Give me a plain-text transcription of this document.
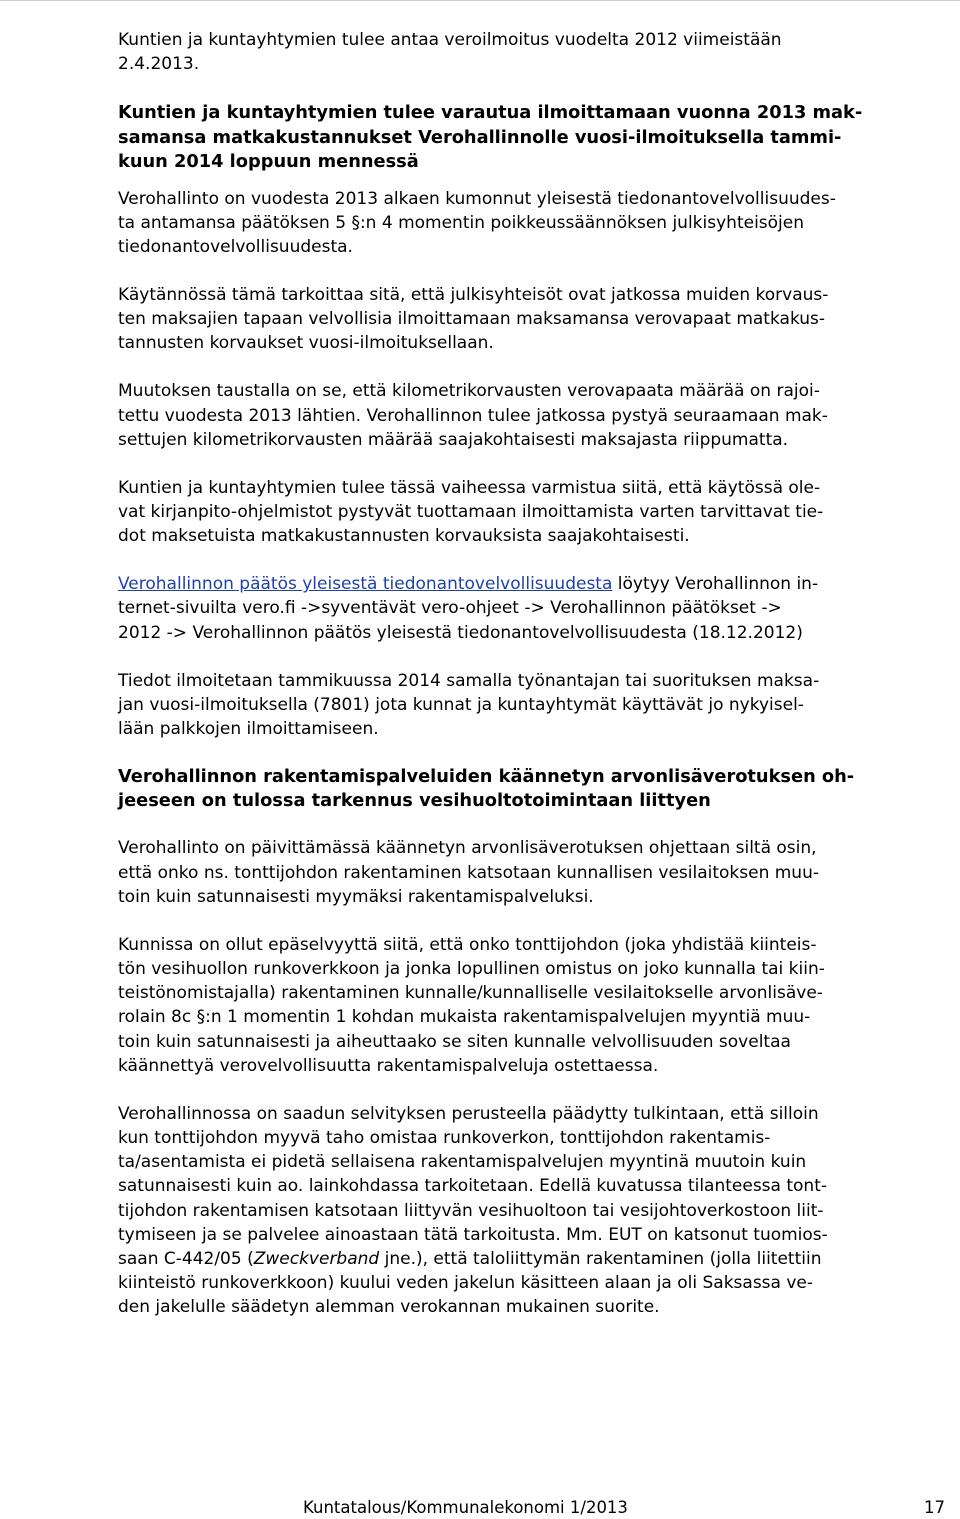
Kuntien ja kuntayhtymien tulee antaa veroilmoitus vuodelta 2012 viimeistään
2.4.2013.

Kuntien ja kuntayhtymien tulee varautua ilmoittamaan vuonna 2013 mak-
samansa matkakustannukset Verohallinnolle vuosi-ilmoituksella tammi-
kuun 2014 loppuun mennessä

Verohallinto on vuodesta 2013 alkaen kumonnut yleisestä tiedonantovelvollisuudes-
ta antamansa päätöksen 5 §:n 4 momentin poikkeussäännöksen julkisyhteisöjen
tiedonantovelvollisuudesta.

Käytännössä tämä tarkoittaa sitä, että julkisyhteisöt ovat jatkossa muiden korvaus-
ten maksajien tapaan velvollisia ilmoittamaan maksamansa verovapaat matkakus-
tannusten korvaukset vuosi-ilmoituksellaan.

Muutoksen taustalla on se, että kilometrikorvausten verovapaata määrää on rajoi-
tettu vuodesta 2013 lähtien. Verohallinnon tulee jatkossa pystyä seuraamaan mak-
settujen kilometrikorvausten määrää saajakohtaisesti maksajasta riippumatta.

Kuntien ja kuntayhtymien tulee tässä vaiheessa varmistua siitä, että käytössä ole-
vat kirjanpito-ohjelmistot pystyvät tuottamaan ilmoittamista varten tarvittavat tie-
dot maksetuista matkakustannusten korvauksista saajakohtaisesti.

Verohallinnon päätös yleisestä tiedonantovelvollisuudesta löytyy Verohallinnon in-
ternet-sivuilta vero.fi ->syventävät vero-ohjeet -> Verohallinnon päätökset ->
2012 -> Verohallinnon päätös yleisestä tiedonantovelvollisuudesta (18.12.2012)

Tiedot ilmoitetaan tammikuussa 2014 samalla työnantajan tai suorituksen maksa-
jan vuosi-ilmoituksella (7801) jota kunnat ja kuntayhtymät käyttävät jo nykyisel-
lään palkkojen ilmoittamiseen.

Verohallinnon rakentamispalveluiden käännetyn arvonlisäverotuksen oh-
jeeseen on tulossa tarkennus vesihuoltotoimintaan liittyen

Verohallinto on päivittämässä käännetyn arvonlisäverotuksen ohjettaan siltä osin,
että onko ns. tonttijohdon rakentaminen katsotaan kunnallisen vesilaitoksen muu-
toin kuin satunnaisesti myymäksi rakentamispalveluksi.

Kunnissa on ollut epäselvyyttä siitä, että onko tonttijohdon (joka yhdistää kiinteis-
tön vesihuollon runkoverkkoon ja jonka lopullinen omistus on joko kunnalla tai kiin-
teistönomistajalla) rakentaminen kunnalle/kunnalliselle vesilaitokselle arvonlisäve-
rolain 8c §:n 1 momentin 1 kohdan mukaista rakentamispalvelujen myyntiä muu-
toin kuin satunnaisesti ja aiheuttaako se siten kunnalle velvollisuuden soveltaa
käännettyä verovelvollisuutta rakentamispalveluja ostettaessa.

Verohallinnossa on saadun selvityksen perusteella päädytty tulkintaan, että silloin
kun tonttijohdon myyvä taho omistaa runkoverkon, tonttijohdon rakentamis-
ta/asentamista ei pidetä sellaisena rakentamispalvelujen myyntinä muutoin kuin
satunnaisesti kuin ao. lainkohdassa tarkoitetaan. Edellä kuvatussa tilanteessa tont-
tijohdon rakentamisen katsotaan liittyvän vesihuoltoon tai vesijohtoverkostoon liit-
tymiseen ja se palvelee ainoastaan tätä tarkoitusta. Mm. EUT on katsonut tuomios-
saan C-442/05 (Zweckverband jne.), että taloliittymän rakentaminen (jolla liitettiin
kiinteistö runkoverkkoon) kuului veden jakelun käsitteen alaan ja oli Saksassa ve-
den jakelulle säädetyn alemman verokannan mukainen suorite.

Kuntatalous/Kommunalekonomi 1/2013	17
